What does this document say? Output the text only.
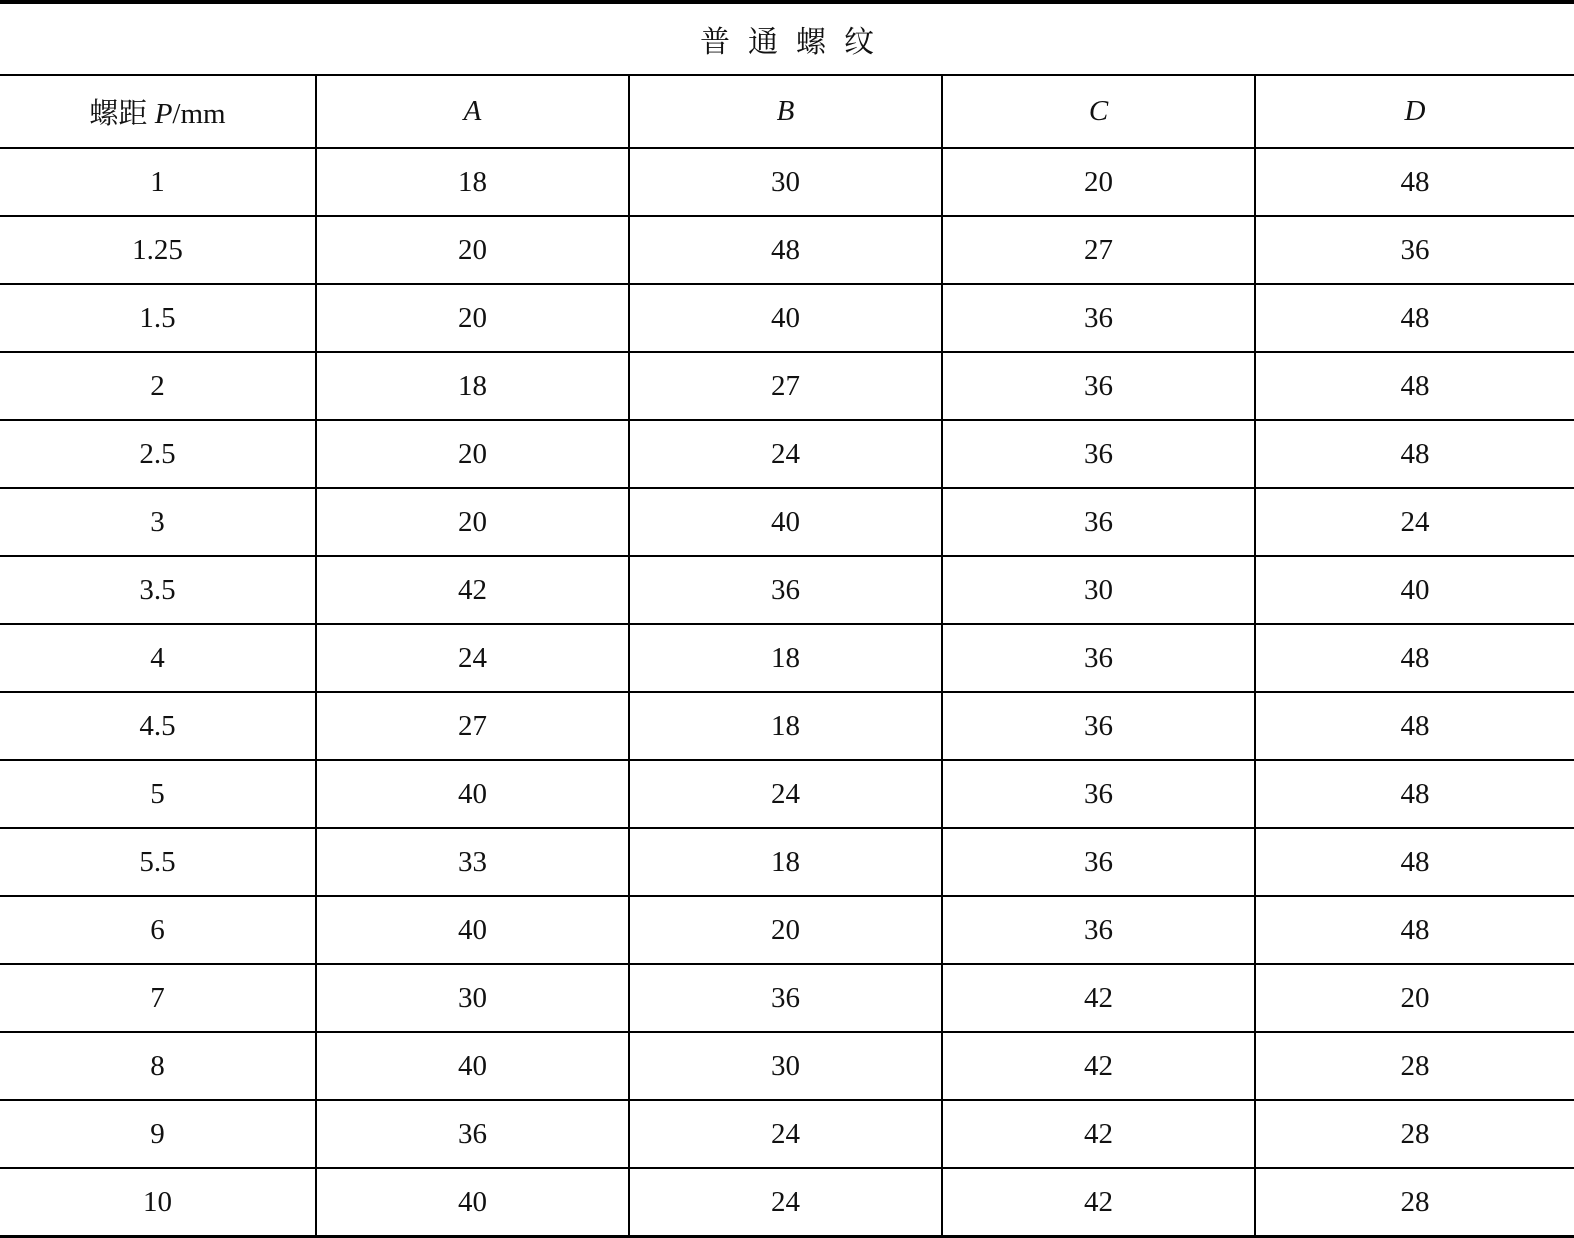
普通螺纹
螺距 P/mm	A	B	C	D
1	18	30	20	48
1.25	20	48	27	36
1.5	20	40	36	48
2	18	27	36	48
2.5	20	24	36	48
3	20	40	36	24
3.5	42	36	30	40
4	24	18	36	48
4.5	27	18	36	48
5	40	24	36	48
5.5	33	18	36	48
6	40	20	36	48
7	30	36	42	20
8	40	30	42	28
9	36	24	42	28
10	40	24	42	28
